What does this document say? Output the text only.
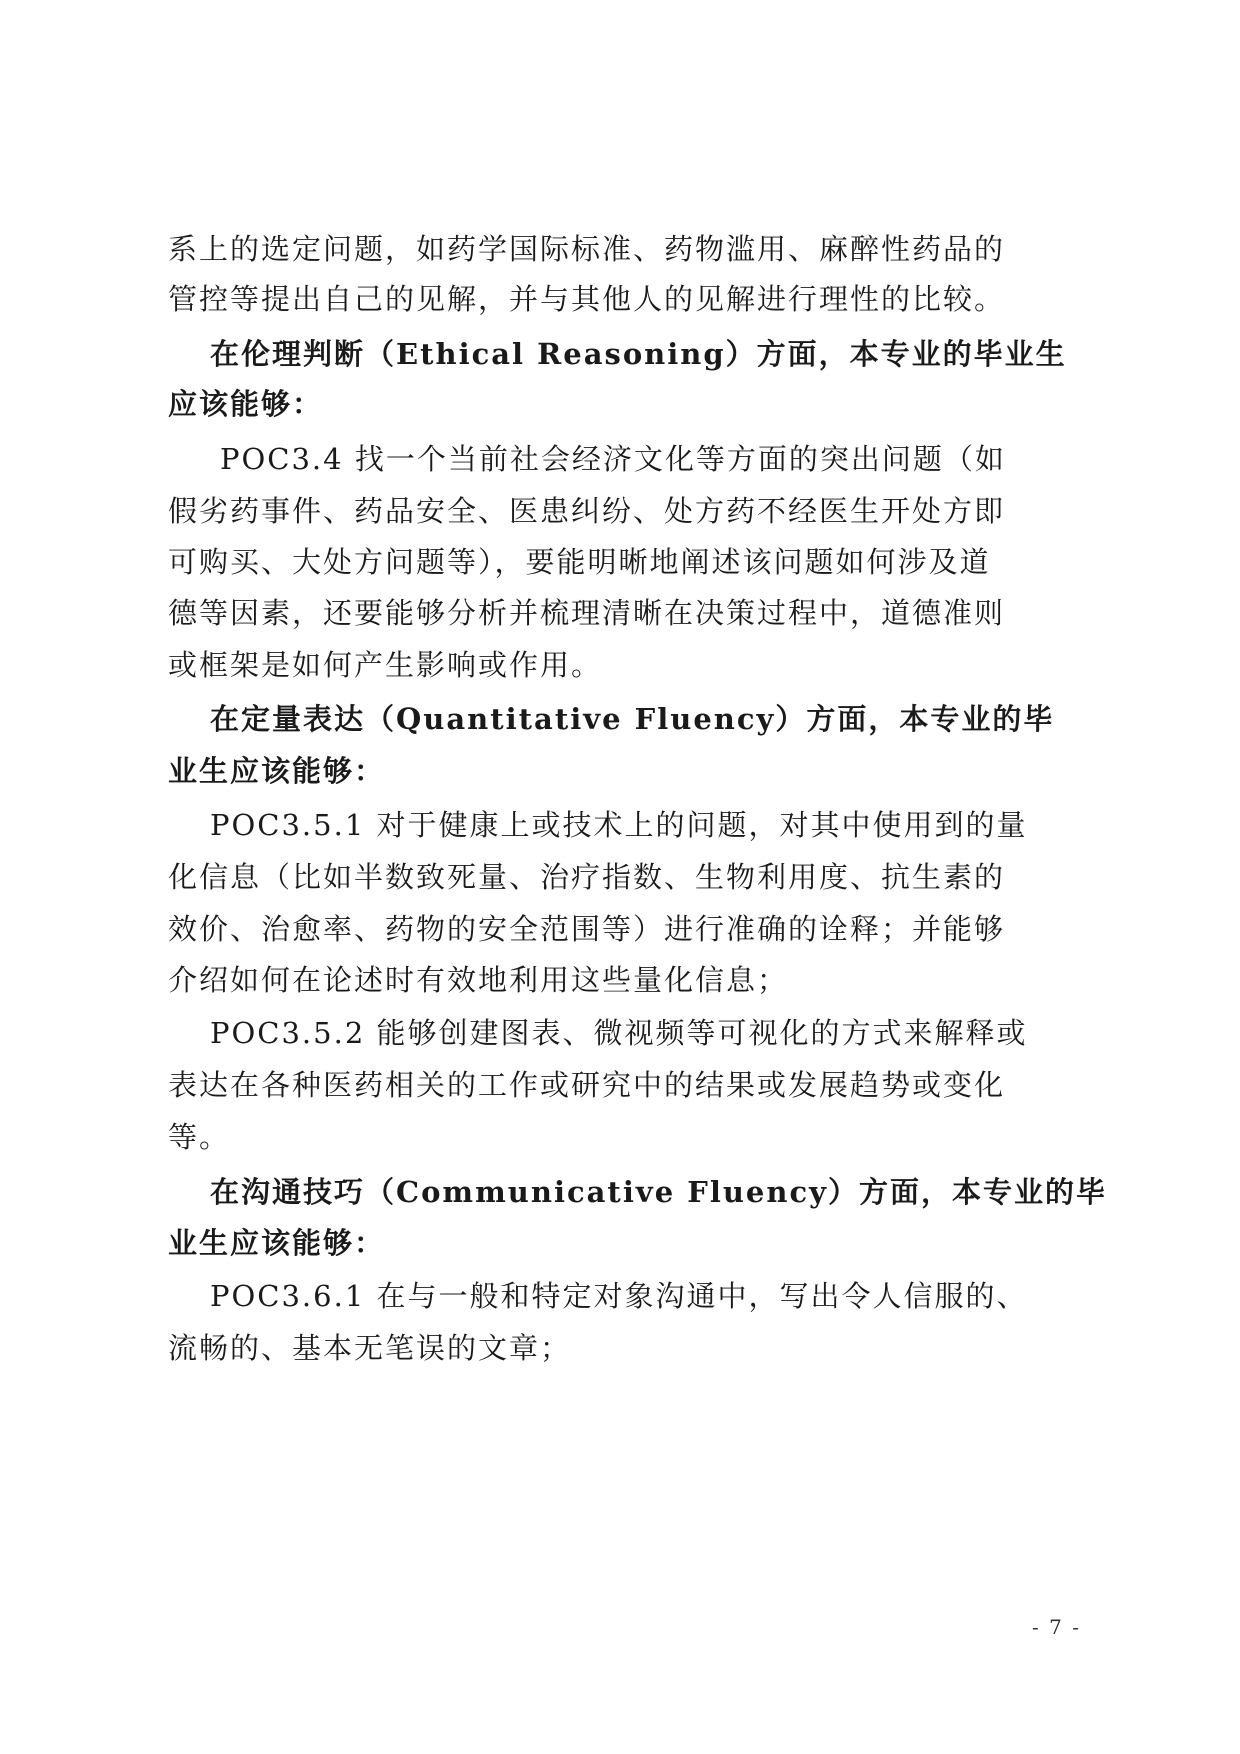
系上的选定问题，如药学国际标准、药物滥用、麻醉性药品的
管控等提出自己的见解，并与其他人的见解进行理性的比较。
在伦理判断（Ethical Reasoning）方面，本专业的毕业生
应该能够：
POC3.4 找一个当前社会经济文化等方面的突出问题（如
假劣药事件、药品安全、医患纠纷、处方药不经医生开处方即
可购买、大处方问题等），要能明晰地阐述该问题如何涉及道
德等因素，还要能够分析并梳理清晰在决策过程中，道德准则
或框架是如何产生影响或作用。
在定量表达（Quantitative Fluency）方面，本专业的毕
业生应该能够：
POC3.5.1 对于健康上或技术上的问题，对其中使用到的量
化信息（比如半数致死量、治疗指数、生物利用度、抗生素的
效价、治愈率、药物的安全范围等）进行准确的诠释；并能够
介绍如何在论述时有效地利用这些量化信息；
POC3.5.2 能够创建图表、微视频等可视化的方式来解释或
表达在各种医药相关的工作或研究中的结果或发展趋势或变化
等。
在沟通技巧（Communicative Fluency）方面，本专业的毕
业生应该能够：
POC3.6.1 在与一般和特定对象沟通中，写出令人信服的、
流畅的、基本无笔误的文章；
- 7 -
